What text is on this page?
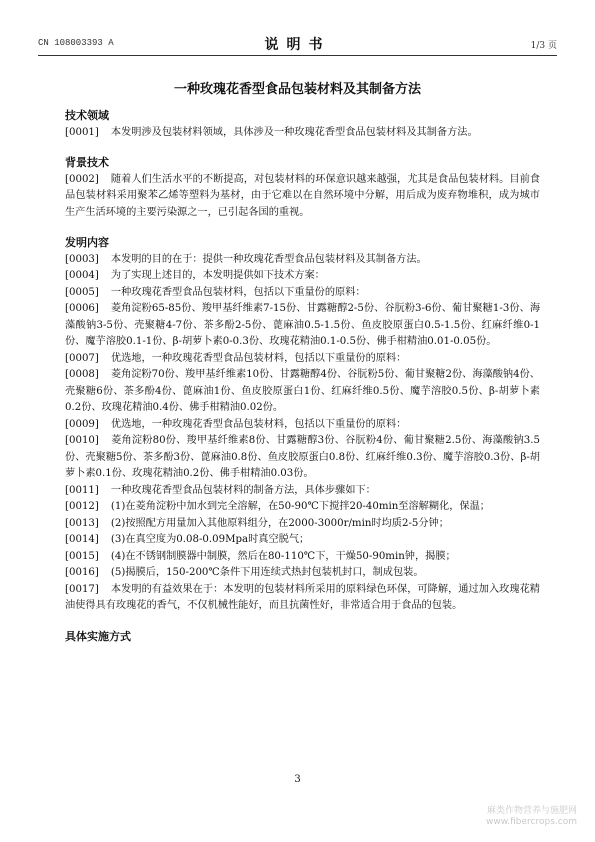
CN 108003393 A	说明书	1/3 页
一种玫瑰花香型食品包装材料及其制备方法

技术领域

[0001] 本发明涉及包装材料领域，具体涉及一种玫瑰花香型食品包装材料及其制备方法。

背景技术

[0002] 随着人们生活水平的不断提高，对包装材料的环保意识越来越强，尤其是食品包装材料。目前食品包装材料采用聚苯乙烯等塑料为基材，由于它难以在自然环境中分解，用后成为废弃物堆积，成为城市生产生活环境的主要污染源之一，已引起各国的重视。

发明内容

[0003] 本发明的目的在于：提供一种玫瑰花香型食品包装材料及其制备方法。

[0004] 为了实现上述目的，本发明提供如下技术方案：

[0005] 一种玫瑰花香型食品包装材料，包括以下重量份的原料：

[0006] 菱角淀粉65-85份、羧甲基纤维素7-15份、甘露糖醇2-5份、谷朊粉3-6份、葡甘聚糖1-3份、海藻酸钠3-5份、壳聚糖4-7份、茶多酚2-5份、蓖麻油0.5-1.5份、鱼皮胶原蛋白0.5-1.5份、红麻纤维0-1份、魔芋溶胶0.1-1份、β-胡萝卜素0-0.3份、玫瑰花精油0.1-0.5份、佛手柑精油0.01-0.05份。

[0007] 优选地，一种玫瑰花香型食品包装材料，包括以下重量份的原料：

[0008] 菱角淀粉70份、羧甲基纤维素10份、甘露糖醇4份、谷朊粉5份、葡甘聚糖2份、海藻酸钠4份、壳聚糖6份、茶多酚4份、蓖麻油1份、鱼皮胶原蛋白1份、红麻纤维0.5份、魔芋溶胶0.5份、β-胡萝卜素0.2份、玫瑰花精油0.4份、佛手柑精油0.02份。

[0009] 优选地，一种玫瑰花香型食品包装材料，包括以下重量份的原料：

[0010] 菱角淀粉80份、羧甲基纤维素8份、甘露糖醇3份、谷朊粉4份、葡甘聚糖2.5份、海藻酸钠3.5份、壳聚糖5份、茶多酚3份、蓖麻油0.8份、鱼皮胶原蛋白0.8份、红麻纤维0.3份、魔芋溶胶0.3份、β-胡萝卜素0.1份、玫瑰花精油0.2份、佛手柑精油0.03份。

[0011] 一种玫瑰花香型食品包装材料的制备方法，具体步骤如下：

[0012] (1)在菱角淀粉中加水到完全溶解，在50-90℃下搅拌20-40min至溶解糊化，保温；

[0013] (2)按照配方用量加入其他原料组分，在2000-3000r/min时均质2-5分钟；

[0014] (3)在真空度为0.08-0.09Mpa时真空脱气；

[0015] (4)在不锈钢制膜器中制膜，然后在80-110℃下，干燥50-90min钟，揭膜；

[0016] (5)揭膜后，150-200℃条件下用连续式热封包装机封口，制成包装。

[0017] 本发明的有益效果在于：本发明的包装材料所采用的原料绿色环保，可降解，通过加入玫瑰花精油使得具有玫瑰花的香气，不仅机械性能好，而且抗菌性好，非常适合用于食品的包装。

具体实施方式

3
麻类作物营养与施肥网
www.fibercrops.com
